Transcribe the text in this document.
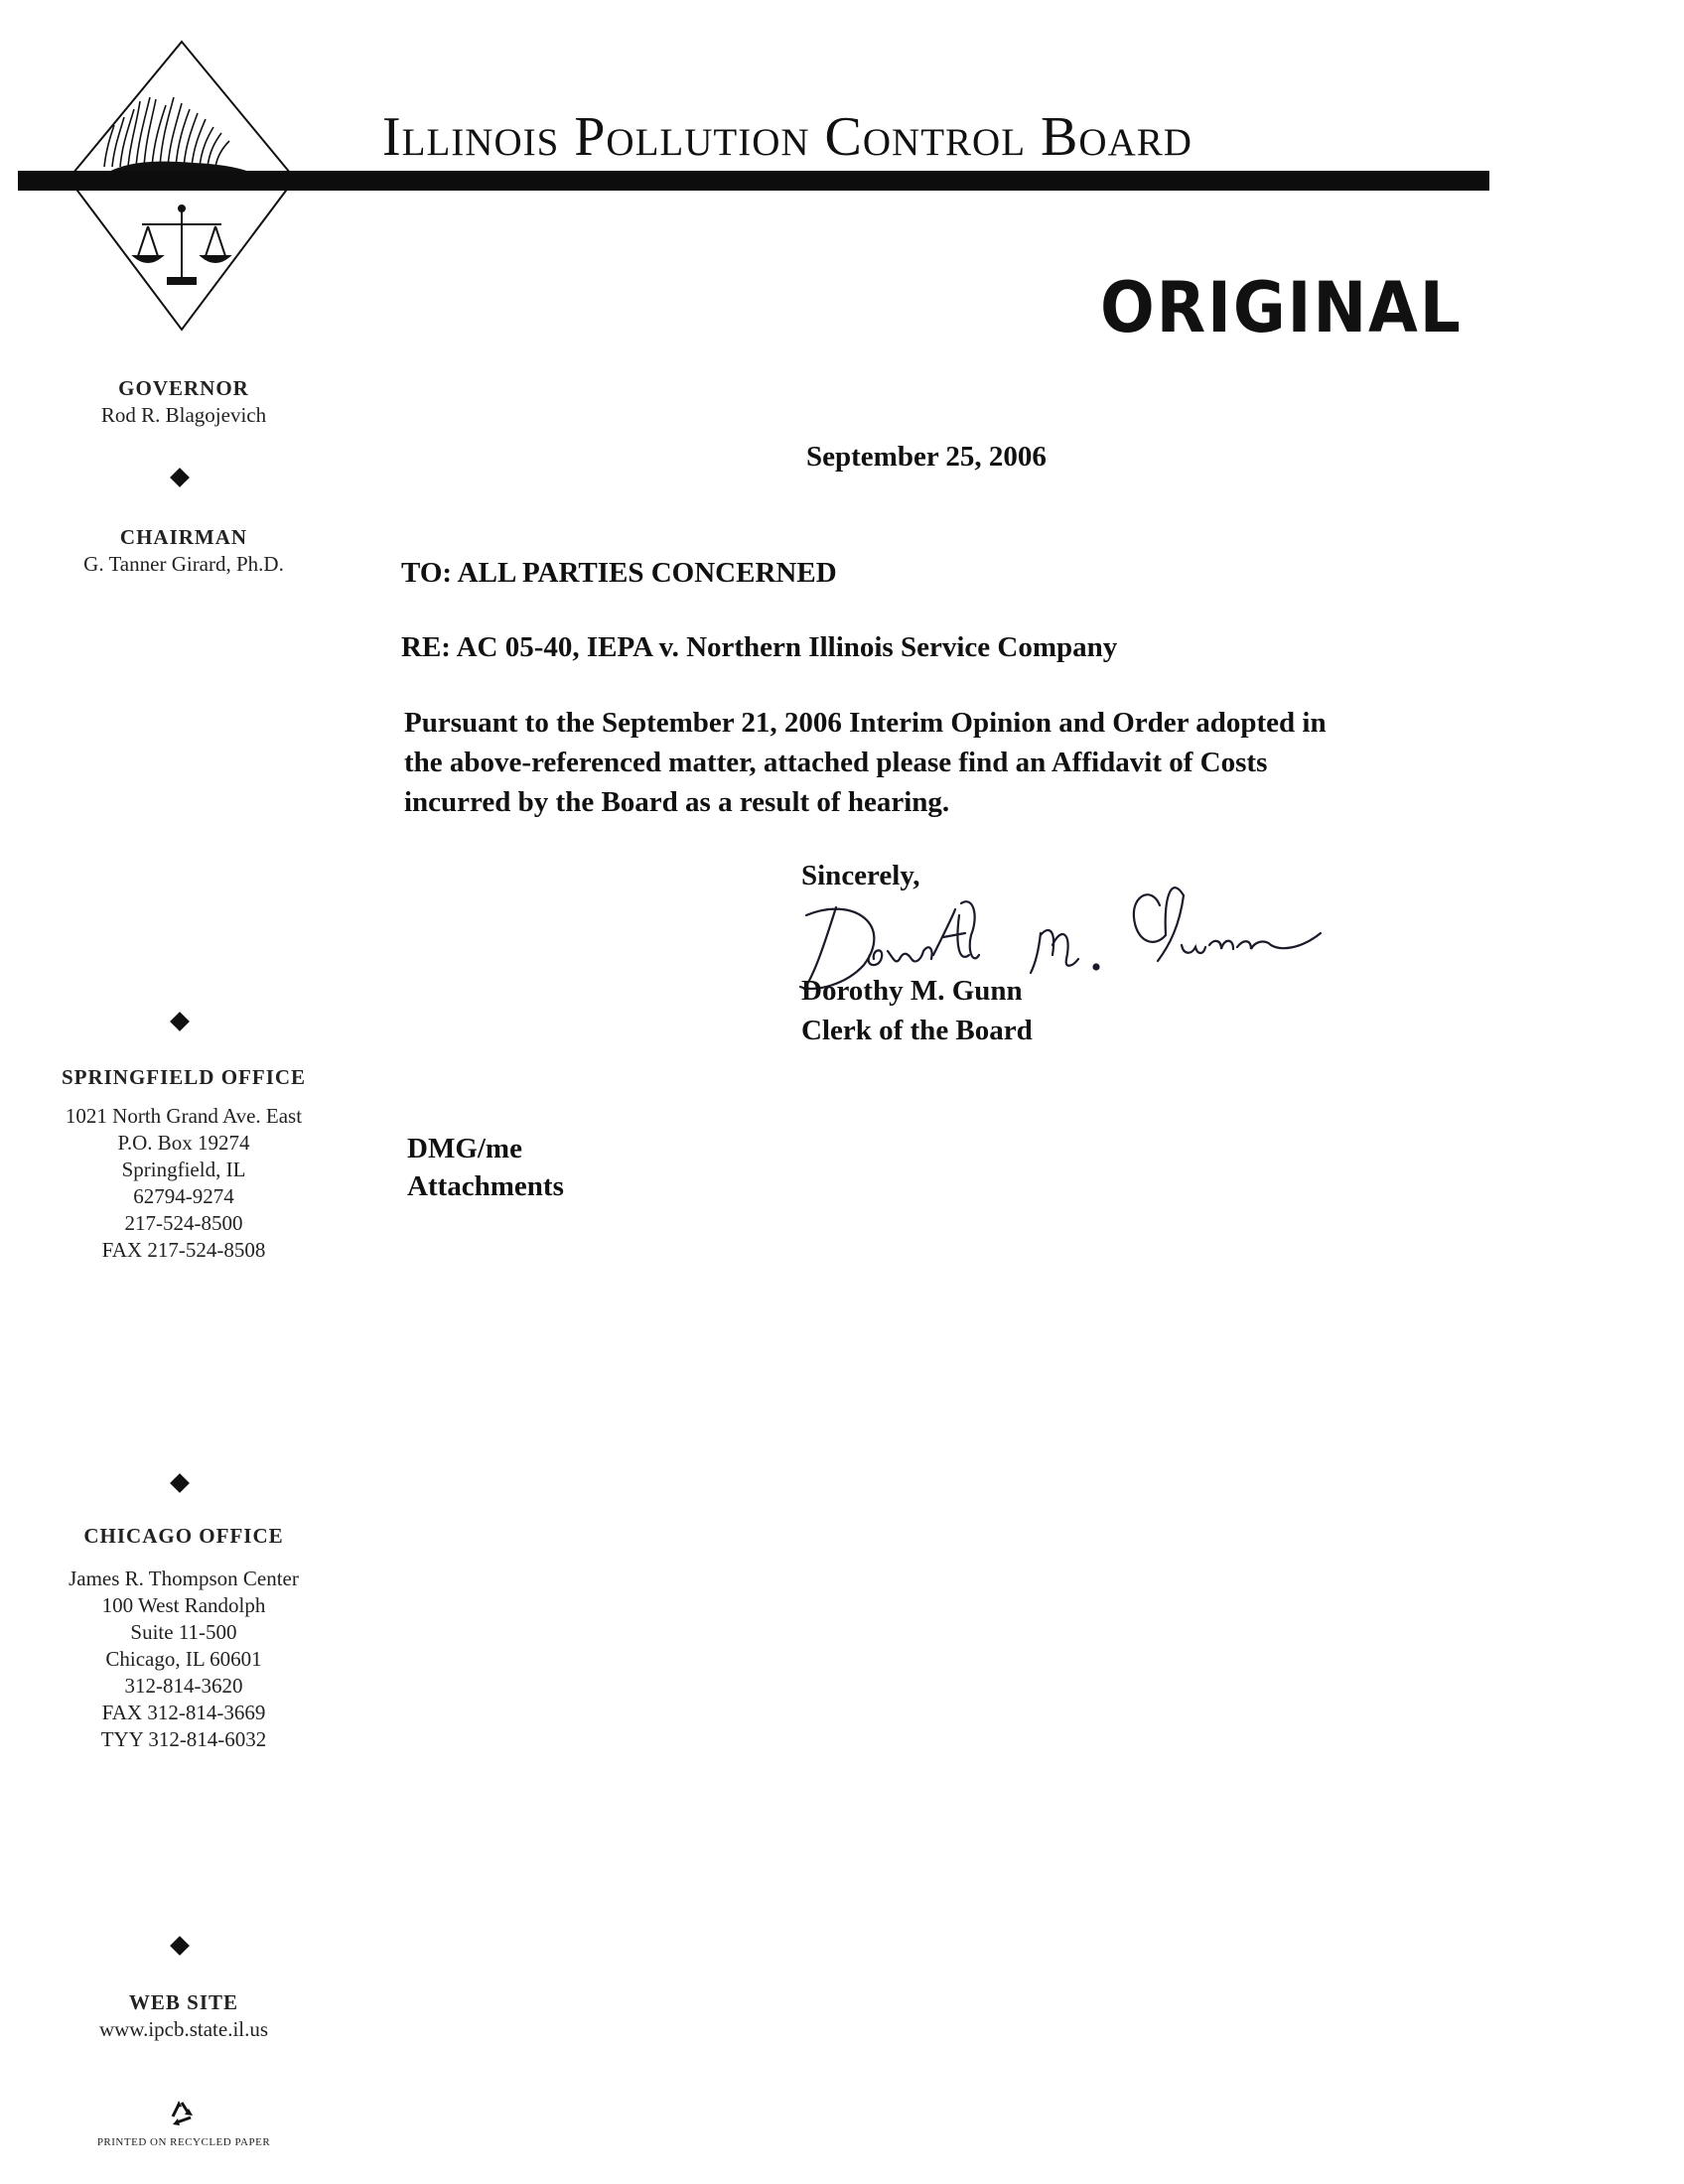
Illinois Pollution Control Board
ORIGINAL
GOVERNOR
Rod R. Blagojevich
CHAIRMAN
G. Tanner Girard, Ph.D.
SPRINGFIELD OFFICE
1021 North Grand Ave. East
P.O. Box 19274
Springfield, IL
62794-9274
217-524-8500
FAX 217-524-8508
CHICAGO OFFICE
James R. Thompson Center
100 West Randolph
Suite 11-500
Chicago, IL 60601
312-814-3620
FAX 312-814-3669
TYY 312-814-6032
WEB SITE
www.ipcb.state.il.us
PRINTED ON RECYCLED PAPER
September 25, 2006
TO: ALL PARTIES CONCERNED
RE: AC 05-40, IEPA v. Northern Illinois Service Company
Pursuant to the September 21, 2006 Interim Opinion and Order adopted in
the above-referenced matter, attached please find an Affidavit of Costs
incurred by the Board as a result of hearing.
Sincerely,
Dorothy M. Gunn
Clerk of the Board
DMG/me
Attachments
